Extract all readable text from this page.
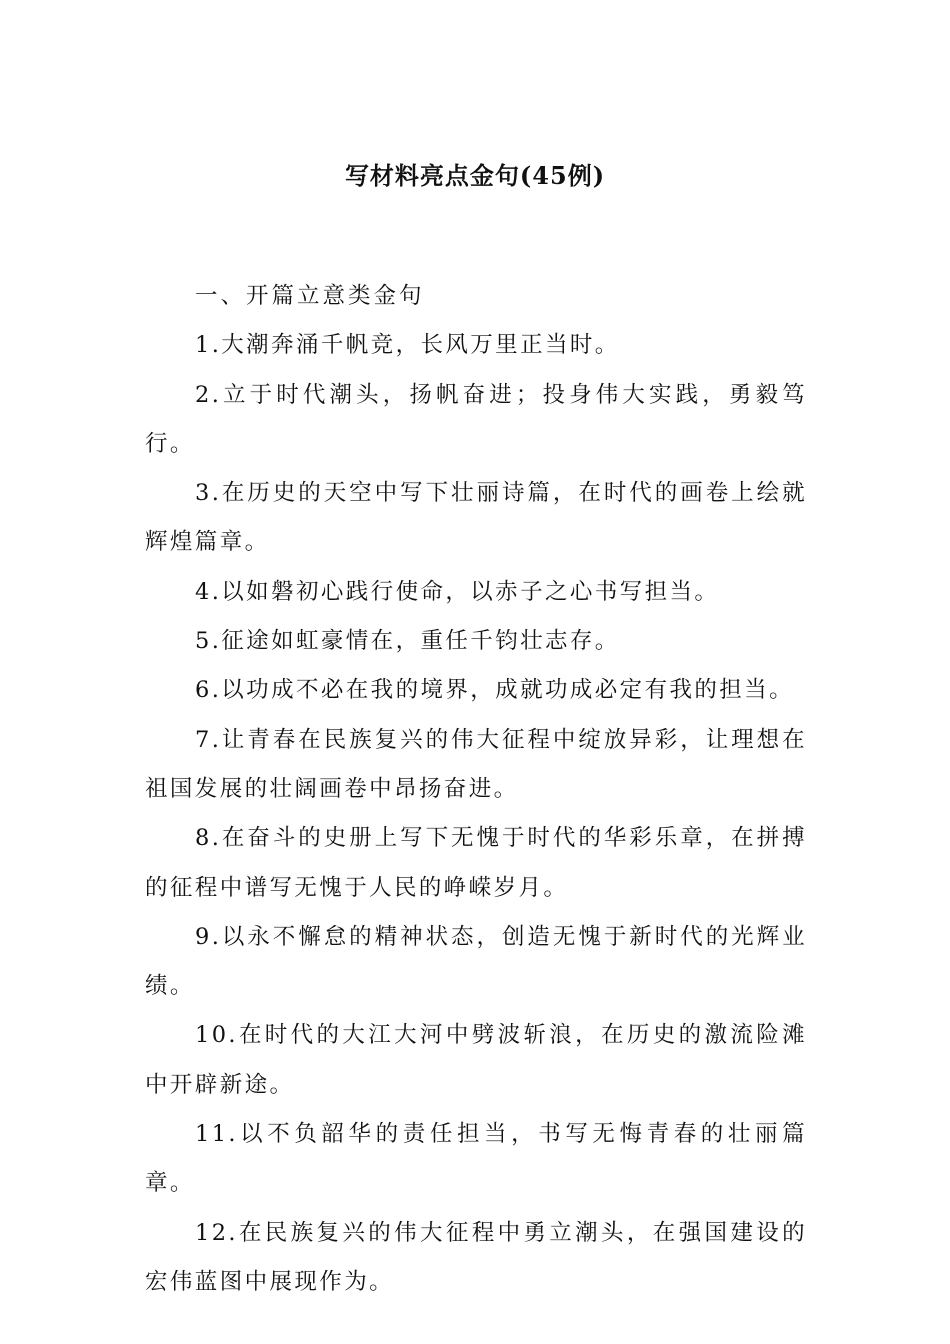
写材料亮点金句(45例)

一、开篇立意类金句

1.大潮奔涌千帆竞，长风万里正当时。

2.立于时代潮头，扬帆奋进；投身伟大实践，勇毅笃行。

3.在历史的天空中写下壮丽诗篇，在时代的画卷上绘就辉煌篇章。

4.以如磐初心践行使命，以赤子之心书写担当。

5.征途如虹豪情在，重任千钧壮志存。

6.以功成不必在我的境界，成就功成必定有我的担当。

7.让青春在民族复兴的伟大征程中绽放异彩，让理想在祖国发展的壮阔画卷中昂扬奋进。

8.在奋斗的史册上写下无愧于时代的华彩乐章，在拼搏的征程中谱写无愧于人民的峥嵘岁月。

9.以永不懈怠的精神状态，创造无愧于新时代的光辉业绩。

10.在时代的大江大河中劈波斩浪，在历史的激流险滩中开辟新途。

11.以不负韶华的责任担当，书写无悔青春的壮丽篇章。

12.在民族复兴的伟大征程中勇立潮头，在强国建设的宏伟蓝图中展现作为。
